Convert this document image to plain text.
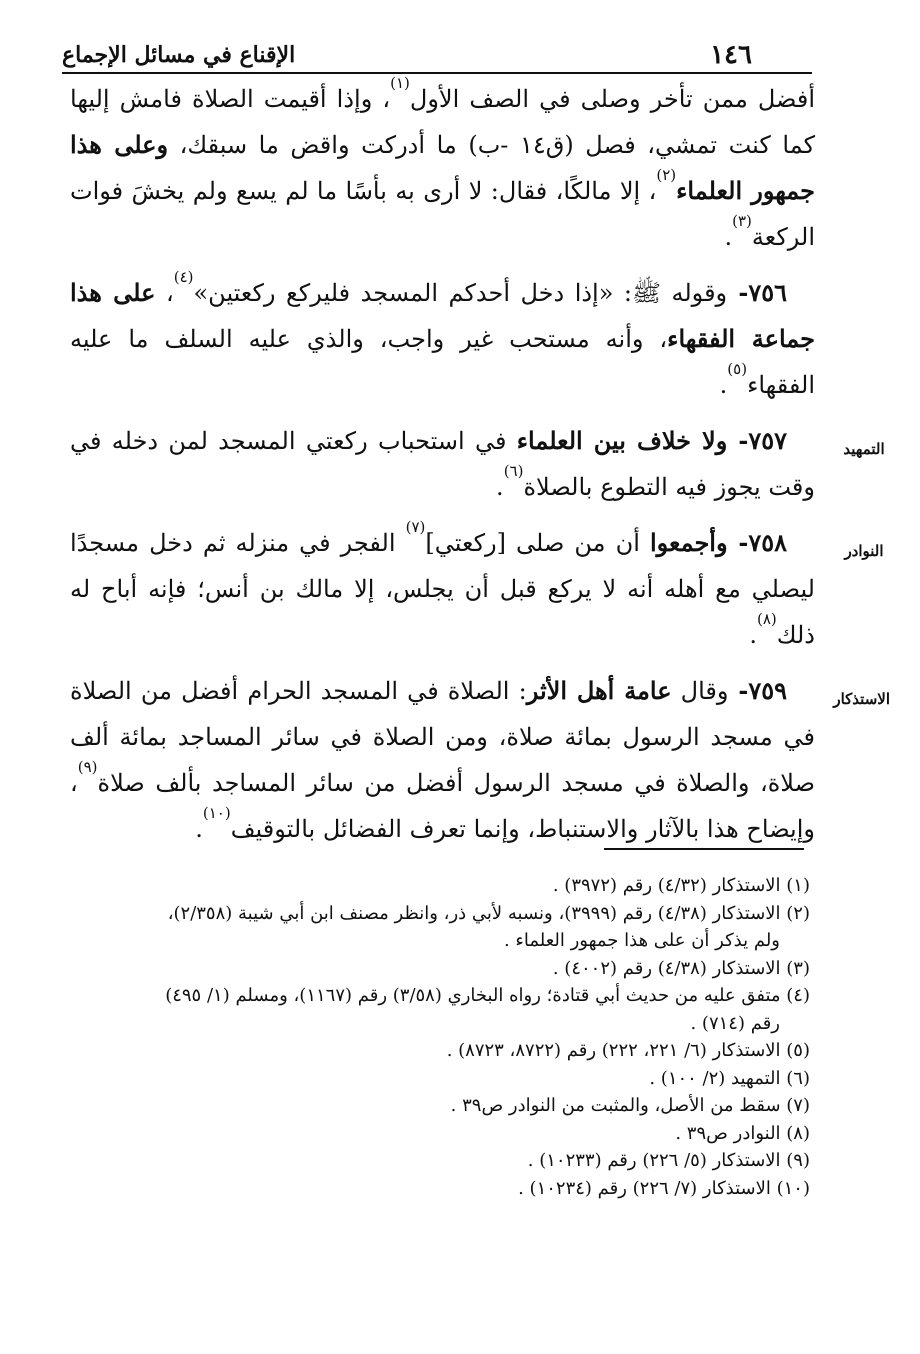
١٤٦
الإقناع في مسائل الإجماع

أفضل ممن تأخر وصلى في الصف الأول$^{(١)}$، وإذا أقيمت الصلاة فامش إليها كما كنت تمشي، فصل (ق١٤ -ب) ما أدركت واقض ما سبقك، وعلى هذا جمهور العلماء$^{(٢)}$، إلا مالكًا، فقال: لا أرى به بأسًا ما لم يسع ولم يخشَ فوات الركعة$^{(٣)}$.

٧٥٦- وقوله ﷺ: «إذا دخل أحدكم المسجد فليركع ركعتين»$^{(٤)}$، على هذا جماعة الفقهاء، وأنه مستحب غير واجب، والذي عليه السلف ما عليه الفقهاء$^{(٥)}$.

التمهيد
٧٥٧- ولا خلاف بين العلماء في استحباب ركعتي المسجد لمن دخله في وقت يجوز فيه التطوع بالصلاة$^{(٦)}$.

النوادر
٧٥٨- وأجمعوا أن من صلى [ركعتي]$^{(٧)}$ الفجر في منزله ثم دخل مسجدًا ليصلي مع أهله أنه لا يركع قبل أن يجلس، إلا مالك بن أنس؛ فإنه أباح له ذلك$^{(٨)}$.

الاستذكار
٧٥٩- وقال عامة أهل الأثر: الصلاة في المسجد الحرام أفضل من الصلاة في مسجد الرسول بمائة صلاة، ومن الصلاة في سائر المساجد بمائة ألف صلاة، والصلاة في مسجد الرسول أفضل من سائر المساجد بألف صلاة$^{(٩)}$، وإيضاح هذا بالآثار والاستنباط، وإنما تعرف الفضائل بالتوقيف$^{(١٠)}$.

(١) الاستذكار (٤/٣٢) رقم (٣٩٧٢) .

(٢) الاستذكار (٤/٣٨) رقم (٣٩٩٩)، ونسبه لأبي ذر، وانظر مصنف ابن أبي شيبة (٢/٣٥٨)،
ولم يذكر أن على هذا جمهور العلماء .

(٣) الاستذكار (٤/٣٨) رقم (٤٠٠٢) .

(٤) متفق عليه من حديث أبي قتادة؛ رواه البخاري (٣/٥٨) رقم (١١٦٧)، ومسلم (١/ ٤٩٥)
رقم (٧١٤) .

(٥) الاستذكار (٦/ ٢٢١، ٢٢٢) رقم (٨٧٢٢، ٨٧٢٣) .

(٦) التمهيد (٢/ ١٠٠) .

(٧) سقط من الأصل، والمثبت من النوادر ص٣٩ .

(٨) النوادر ص٣٩ .

(٩) الاستذكار (٥/ ٢٢٦) رقم (١٠٢٣٣) .

(١٠) الاستذكار (٧/ ٢٢٦) رقم (١٠٢٣٤) .
